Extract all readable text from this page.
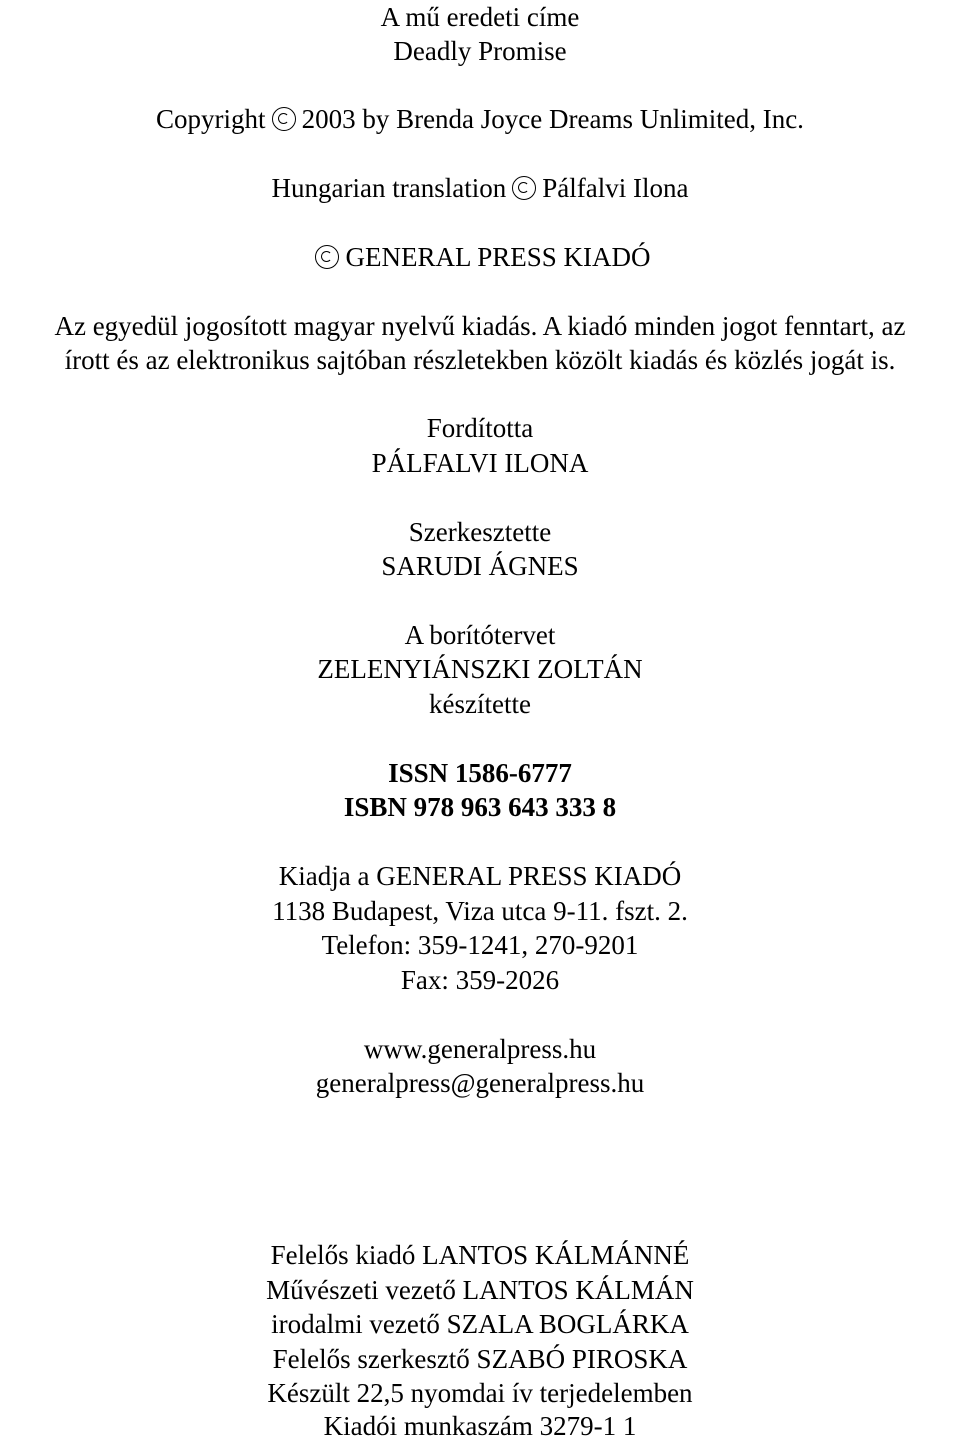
A mű eredeti címe
Deadly Promise
Copyright 2003 by Brenda Joyce Dreams Unlimited, Inc.
Hungarian translation Pálfalvi Ilona
GENERAL PRESS KIADÓ
Az egyedül jogosított magyar nyelvű kiadás. A kiadó minden jogot fenntart, az
írott és az elektronikus sajtóban részletekben közölt kiadás és közlés jogát is.
Fordította
PÁLFALVI ILONA
Szerkesztette
SARUDI ÁGNES
A borítótervet
ZELENYIÁNSZKI ZOLTÁN
készítette
ISSN 1586-6777
ISBN 978 963 643 333 8
Kiadja a GENERAL PRESS KIADÓ
1138 Budapest, Viza utca 9-11. fszt. 2.
Telefon: 359-1241, 270-9201
Fax: 359-2026
www.generalpress.hu
generalpress@generalpress.hu
Felelős kiadó LANTOS KÁLMÁNNÉ
Művészeti vezető LANTOS KÁLMÁN
irodalmi vezető SZALA BOGLÁRKA
Felelős szerkesztő SZABÓ PIROSKA
Készült 22,5 nyomdai ív terjedelemben
Kiadói munkaszám 3279-1 1
